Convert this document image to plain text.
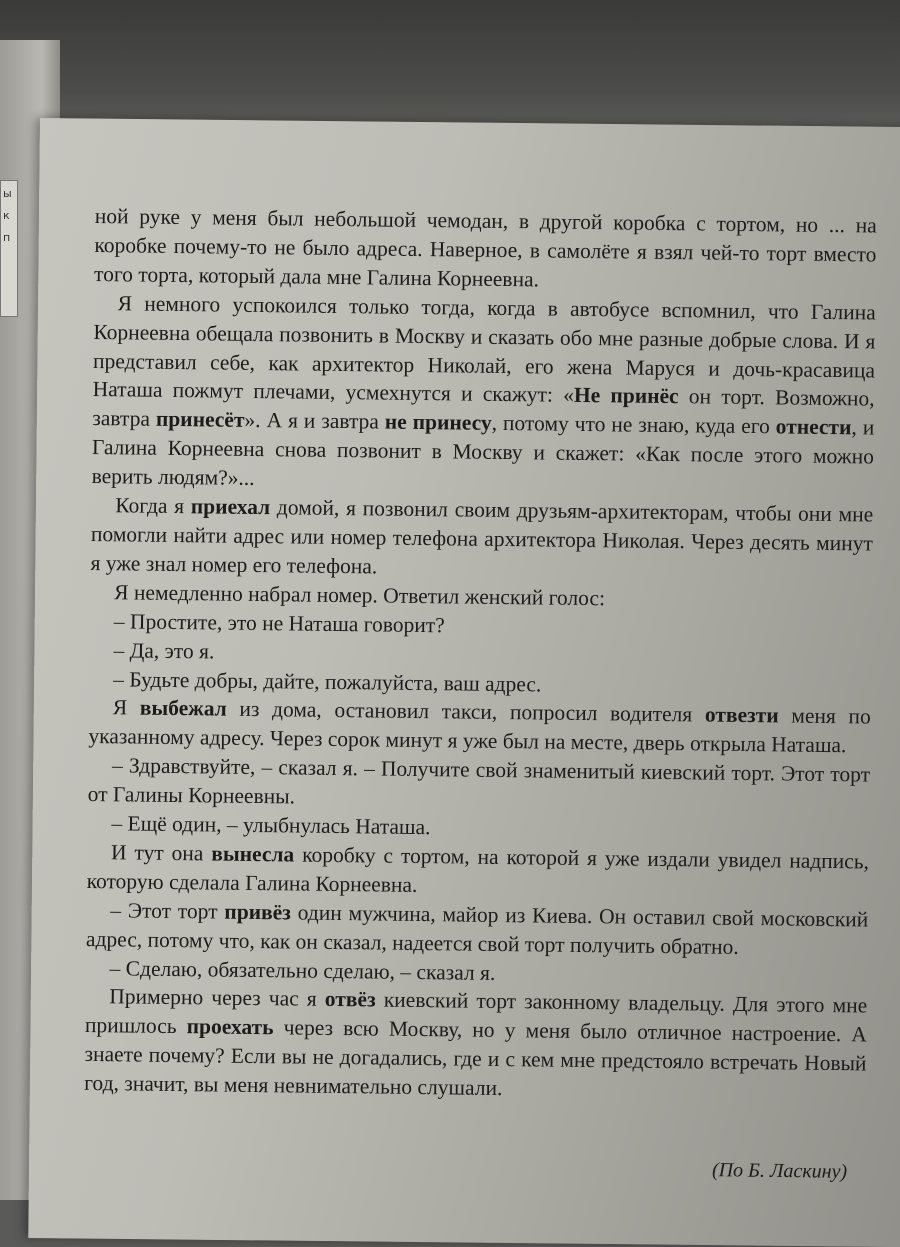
ы
к
п	ной руке у меня был небольшой чемодан, в другой коробка с тортом, но ... на коробке почему-то не было адреса. Наверное, в самолёте я взял чей-то торт вместо того торта, который дала мне Галина Корнеевна.

Я немного успокоился только тогда, когда в автобусе вспомнил, что Галина Корнеевна обещала позвонить в Москву и сказать обо мне разные добрые слова. И я представил себе, как архитектор Николай, его жена Маруся и дочь-красавица Наташа пожмут плечами, усмехнутся и скажут: «Не принёс он торт. Возможно, завтра принесёт». А я и завтра не принесу, потому что не знаю, куда его отнести, и Галина Корнеевна снова позвонит в Москву и скажет: «Как после этого можно верить людям?»...

Когда я приехал домой, я позвонил своим друзьям-архитекторам, чтобы они мне помогли найти адрес или номер телефона архитектора Николая. Через десять минут я уже знал номер его телефона.

Я немедленно набрал номер. Ответил женский голос:

– Простите, это не Наташа говорит?

– Да, это я.

– Будьте добры, дайте, пожалуйста, ваш адрес.

Я выбежал из дома, остановил такси, попросил водителя отвезти меня по указанному адресу. Через сорок минут я уже был на месте, дверь открыла Наташа.

– Здравствуйте, – сказал я. – Получите свой знаменитый киевский торт. Этот торт от Галины Корнеевны.

– Ещё один, – улыбнулась Наташа.

И тут она вынесла коробку с тортом, на которой я уже издали увидел надпись, которую сделала Галина Корнеевна.

– Этот торт привёз один мужчина, майор из Киева. Он оставил свой московский адрес, потому что, как он сказал, надеется свой торт получить обратно.

– Сделаю, обязательно сделаю, – сказал я.

Примерно через час я отвёз киевский торт законному владельцу. Для этого мне пришлось проехать через всю Москву, но у меня было отличное настроение. А знаете почему? Если вы не догадались, где и с кем мне предстояло встречать Новый год, значит, вы меня невнимательно слушали.

(По Б. Ласкину)
